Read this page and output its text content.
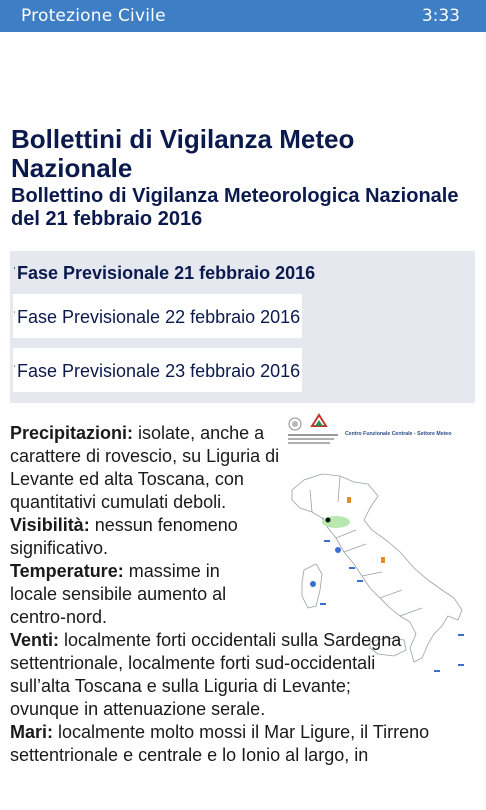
Protezione Civile	3:33
Bollettini di Vigilanza Meteo Nazionale
Bollettino di Vigilanza Meteorologica Nazionale del 21 febbraio 2016
$^ʾ$Fase Previsionale 21 febbraio 2016
$^ʾ$Fase Previsionale 22 febbraio 2016
$^ʾ$Fase Previsionale 23 febbraio 2016
Centro Funzionale Centrale - Settore Meteo

Precipitazioni: isolate, anche a carattere di rovescio, su Liguria di Levante ed alta Toscana, con quantitativi cumulati deboli.

Visibilità: nessun fenomeno significativo.

Temperature: massime in locale sensibile aumento al centro-nord.

Venti: localmente forti occidentali sulla Sardegna settentrionale, localmente forti sud-occidentali sull’alta Toscana e sulla Liguria di Levante; ovunque in attenuazione serale.

Mari: localmente molto mossi il Mar Ligure, il Tirreno settentrionale e centrale e lo Ionio al largo, in
